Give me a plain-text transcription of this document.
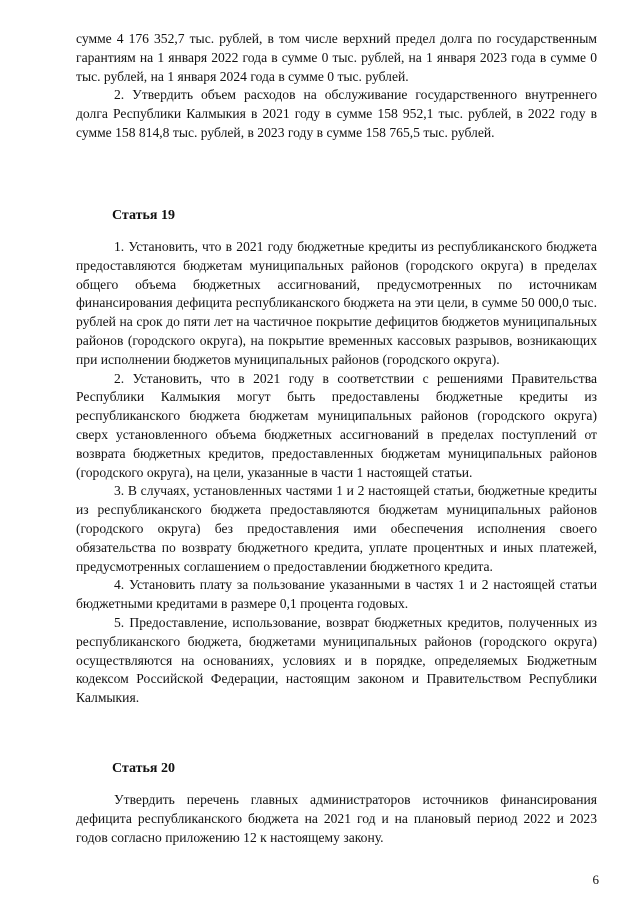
сумме 4 176 352,7 тыс. рублей, в том числе верхний предел долга по государственным гарантиям на 1 января 2022 года в сумме 0 тыс. рублей, на 1 января 2023 года в сумме 0 тыс. рублей, на 1 января 2024 года в сумме 0 тыс. рублей.

2. Утвердить объем расходов на обслуживание государственного внутреннего долга Республики Калмыкия в 2021 году в сумме 158 952,1 тыс. рублей, в 2022 году в сумме 158 814,8 тыс. рублей, в 2023 году в сумме 158 765,5 тыс. рублей.

Статья 19

1. Установить, что в 2021 году бюджетные кредиты из республиканского бюджета предоставляются бюджетам муниципальных районов (городского округа) в пределах общего объема бюджетных ассигнований, предусмотренных по источникам финансирования дефицита республиканского бюджета на эти цели, в сумме 50 000,0 тыс. рублей на срок до пяти лет на частичное покрытие дефицитов бюджетов муниципальных районов (городского округа), на покрытие временных кассовых разрывов, возникающих при исполнении бюджетов муниципальных районов (городского округа).

2. Установить, что в 2021 году в соответствии с решениями Правительства Республики Калмыкия могут быть предоставлены бюджетные кредиты из республиканского бюджета бюджетам муниципальных районов (городского округа) сверх установленного объема бюджетных ассигнований в пределах поступлений от возврата бюджетных кредитов, предоставленных бюджетам муниципальных районов (городского округа), на цели, указанные в части 1 настоящей статьи.

3. В случаях, установленных частями 1 и 2 настоящей статьи, бюджетные кредиты из республиканского бюджета предоставляются бюджетам муниципальных районов (городского округа) без предоставления ими обеспечения исполнения своего обязательства по возврату бюджетного кредита, уплате процентных и иных платежей, предусмотренных соглашением о предоставлении бюджетного кредита.

4. Установить плату за пользование указанными в частях 1 и 2 настоящей статьи бюджетными кредитами в размере 0,1 процента годовых.

5. Предоставление, использование, возврат бюджетных кредитов, полученных из республиканского бюджета, бюджетами муниципальных районов (городского округа) осуществляются на основаниях, условиях и в порядке, определяемых Бюджетным кодексом Российской Федерации, настоящим законом и Правительством Республики Калмыкия.

Статья 20

Утвердить перечень главных администраторов источников финансирования дефицита республиканского бюджета на 2021 год и на плановый период 2022 и 2023 годов согласно приложению 12 к настоящему закону.

6
